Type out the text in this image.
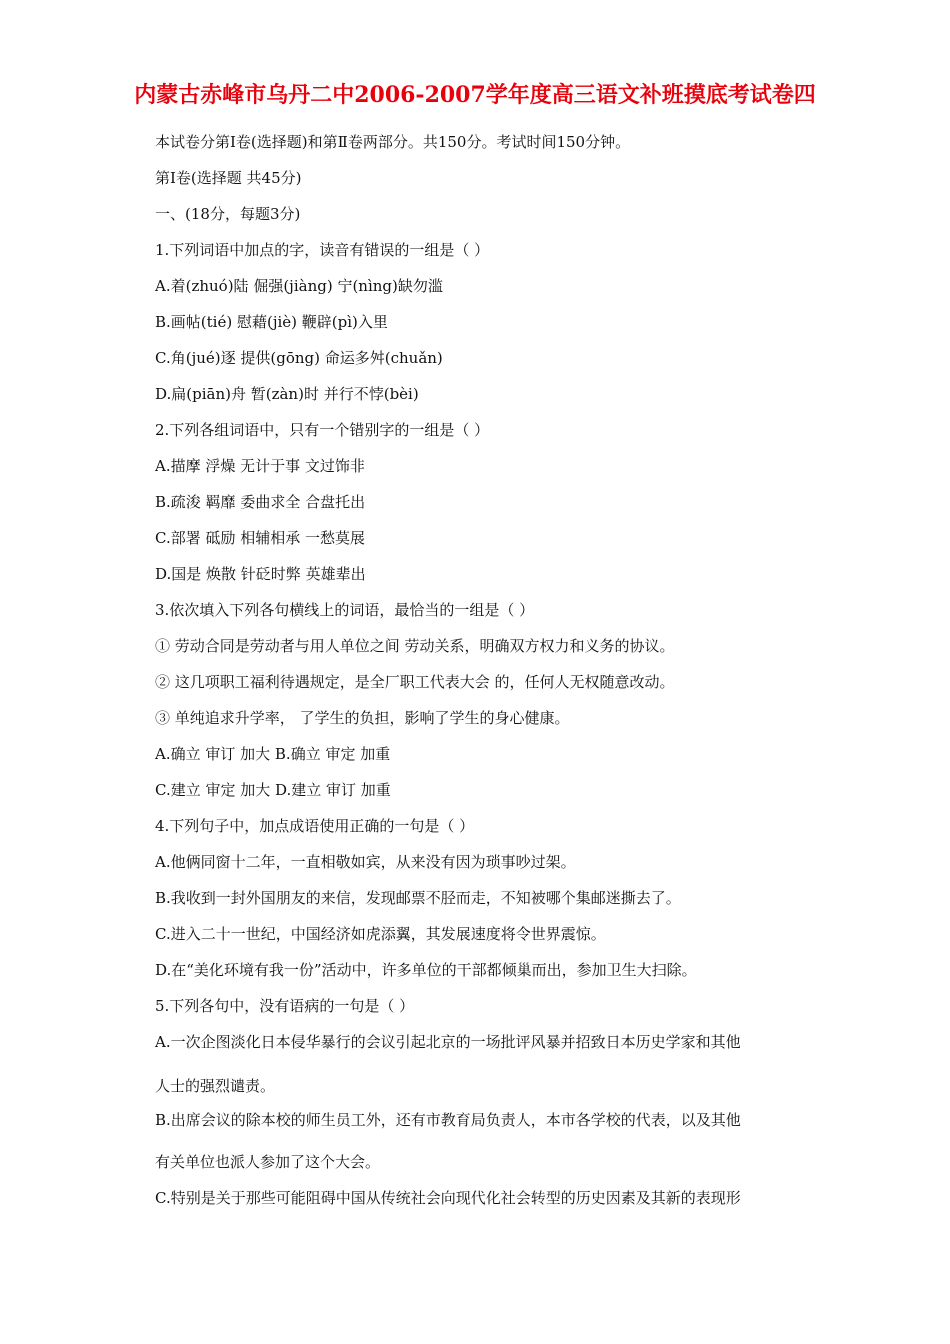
内蒙古赤峰市乌丹二中2006-2007学年度高三语文补班摸底考试卷四
本试卷分第Ⅰ卷(选择题)和第Ⅱ卷两部分。共150分。考试时间150分钟。
第Ⅰ卷(选择题 共45分)
一、(18分，每题3分)
1.下列词语中加点的字，读音有错误的一组是（ ）
A.着(zhuó)陆 倔强(jiàng) 宁(nìng)缺勿滥
B.画帖(tié) 慰藉(jiè) 鞭辟(pì)入里
C.角(jué)逐 提供(gōng) 命运多舛(chuǎn)
D.扁(piān)舟 暂(zàn)时 并行不悖(bèi)
2.下列各组词语中，只有一个错别字的一组是（ ）
A.描摩 浮燥 无计于事 文过饰非
B.疏浚 羁靡 委曲求全 合盘托出
C.部署 砥励 相辅相承 一愁莫展
D.国是 焕散 针砭时弊 英雄辈出
3.依次填入下列各句横线上的词语，最恰当的一组是（ ）
① 劳动合同是劳动者与用人单位之间 劳动关系，明确双方权力和义务的协议。
② 这几项职工福利待遇规定，是全厂职工代表大会 的，任何人无权随意改动。
③ 单纯追求升学率， 了学生的负担，影响了学生的身心健康。
A.确立 审订 加大 B.确立 审定 加重
C.建立 审定 加大 D.建立 审订 加重
4.下列句子中，加点成语使用正确的一句是（ ）
A.他俩同窗十二年，一直相敬如宾，从来没有因为琐事吵过架。
B.我收到一封外国朋友的来信，发现邮票不胫而走，不知被哪个集邮迷撕去了。
C.进入二十一世纪，中国经济如虎添翼，其发展速度将令世界震惊。
D.在“美化环境有我一份”活动中，许多单位的干部都倾巢而出，参加卫生大扫除。
5.下列各句中，没有语病的一句是（ ）
A.一次企图淡化日本侵华暴行的会议引起北京的一场批评风暴并招致日本历史学家和其他
人士的强烈谴责。
B.出席会议的除本校的师生员工外，还有市教育局负责人，本市各学校的代表，以及其他
有关单位也派人参加了这个大会。
C.特别是关于那些可能阻碍中国从传统社会向现代化社会转型的历史因素及其新的表现形
